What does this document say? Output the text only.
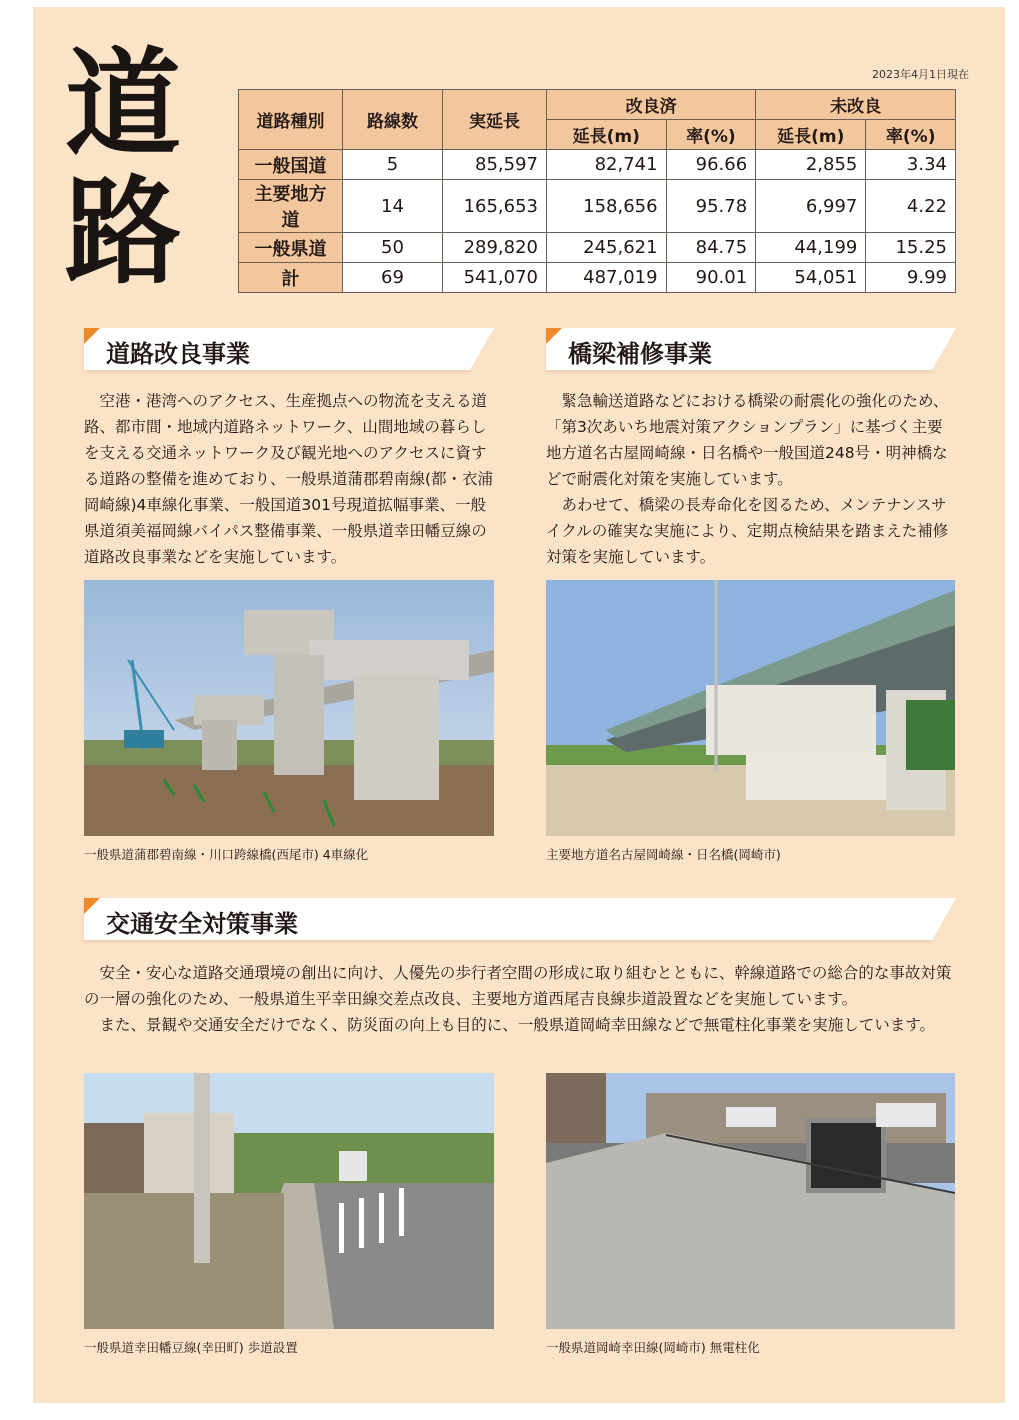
道
路
2023年4月1日現在
道路種別	路線数	実延長	改良済		未改良	
			延長(m)	率(%)	延長(m)	率(%)
一般国道	5	85,597	82,741	96.66	2,855	3.34
主要地方道	14	165,653	158,656	95.78	6,997	4.22
一般県道	50	289,820	245,621	84.75	44,199	15.25
計	69	541,070	487,019	90.01	54,051	9.99
道路改良事業

空港・港湾へのアクセス、生産拠点への物流を支える道路、都市間・地域内道路ネットワーク、山間地域の暮らしを支える交通ネットワーク及び観光地へのアクセスに資する道路の整備を進めており、一般県道蒲郡碧南線(都・衣浦岡崎線)4車線化事業、一般国道301号現道拡幅事業、一般県道須美福岡線バイパス整備事業、一般県道幸田幡豆線の道路改良事業などを実施しています。

一般県道蒲郡碧南線・川口跨線橋(西尾市) 4車線化
橋梁補修事業

緊急輸送道路などにおける橋梁の耐震化の強化のため、「第3次あいち地震対策アクションプラン」に基づく主要地方道名古屋岡崎線・日名橋や一般国道248号・明神橋などで耐震化対策を実施しています。

あわせて、橋梁の長寿命化を図るため、メンテナンスサイクルの確実な実施により、定期点検結果を踏まえた補修対策を実施しています。

主要地方道名古屋岡崎線・日名橋(岡崎市)
交通安全対策事業

安全・安心な道路交通環境の創出に向け、人優先の歩行者空間の形成に取り組むとともに、幹線道路での総合的な事故対策の一層の強化のため、一般県道生平幸田線交差点改良、主要地方道西尾吉良線歩道設置などを実施しています。

また、景観や交通安全だけでなく、防災面の向上も目的に、一般県道岡崎幸田線などで無電柱化事業を実施しています。

一般県道幸田幡豆線(幸田町) 歩道設置	一般県道岡崎幸田線(岡崎市) 無電柱化
